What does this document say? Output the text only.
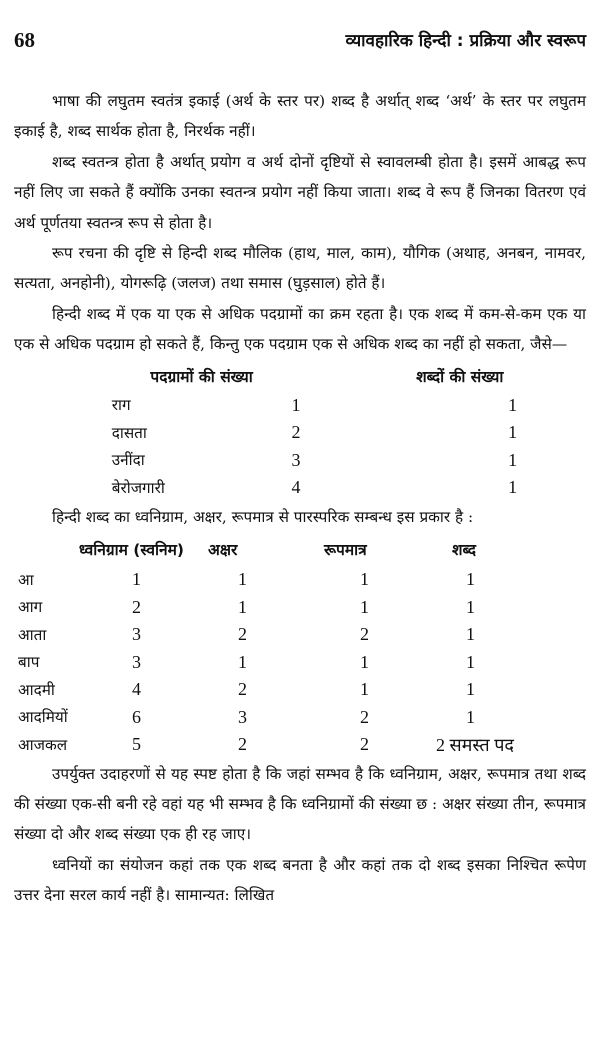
68	व्यावहारिक हिन्दी : प्रक्रिया और स्वरूप

भाषा की लघुतम स्वतंत्र इकाई (अर्थ के स्तर पर) शब्द है अर्थात् शब्द ‘अर्थ’ के स्तर पर लघुतम इकाई है, शब्द सार्थक होता है, निरर्थक नहीं।

शब्द स्वतन्त्र होता है अर्थात् प्रयोग व अर्थ दोनों दृष्टियों से स्वावलम्बी होता है। इसमें आबद्ध रूप नहीं लिए जा सकते हैं क्योंकि उनका स्वतन्त्र प्रयोग नहीं किया जाता। शब्द वे रूप हैं जिनका वितरण एवं अर्थ पूर्णतया स्वतन्त्र रूप से होता है।

रूप रचना की दृष्टि से हिन्दी शब्द मौलिक (हाथ, माल, काम), यौगिक (अथाह, अनबन, नामवर, सत्यता, अनहोनी), योगरूढ़ि (जलज) तथा समास (घुड़साल) होते हैं।

हिन्दी शब्द में एक या एक से अधिक पदग्रामों का क्रम रहता है। एक शब्द में कम-से-कम एक या एक से अधिक पदग्राम हो सकते हैं, किन्तु एक पदग्राम एक से अधिक शब्द का नहीं हो सकता, जैसे—

	पदग्रामों की संख्या		शब्दों की संख्या
	राग	1	1
	दासता	2	1
	उनींदा	3	1
	बेरोजगारी	4	1

हिन्दी शब्द का ध्वनिग्राम, अक्षर, रूपमात्र से पारस्परिक सम्बन्ध इस प्रकार है :

ध्वनिग्राम (स्वनिम)		अक्षर	रूपमात्र	शब्द
आ	1	1	1	1
आग	2	1	1	1
आता	3	2	2	1
बाप	3	1	1	1
आदमी	4	2	1	1
आदमियों	6	3	2	1
आजकल	5	2	2	2 समस्त पद

उपर्युक्त उदाहरणों से यह स्पष्ट होता है कि जहां सम्भव है कि ध्वनिग्राम, अक्षर, रूपमात्र तथा शब्द की संख्या एक-सी बनी रहे वहां यह भी सम्भव है कि ध्वनिग्रामों की संख्या छ : अक्षर संख्या तीन, रूपमात्र संख्या दो और शब्द संख्या एक ही रह जाए।

ध्वनियों का संयोजन कहां तक एक शब्द बनता है और कहां तक दो शब्द इसका निश्चित रूपेण उत्तर देना सरल कार्य नहीं है। सामान्यत: लिखित
